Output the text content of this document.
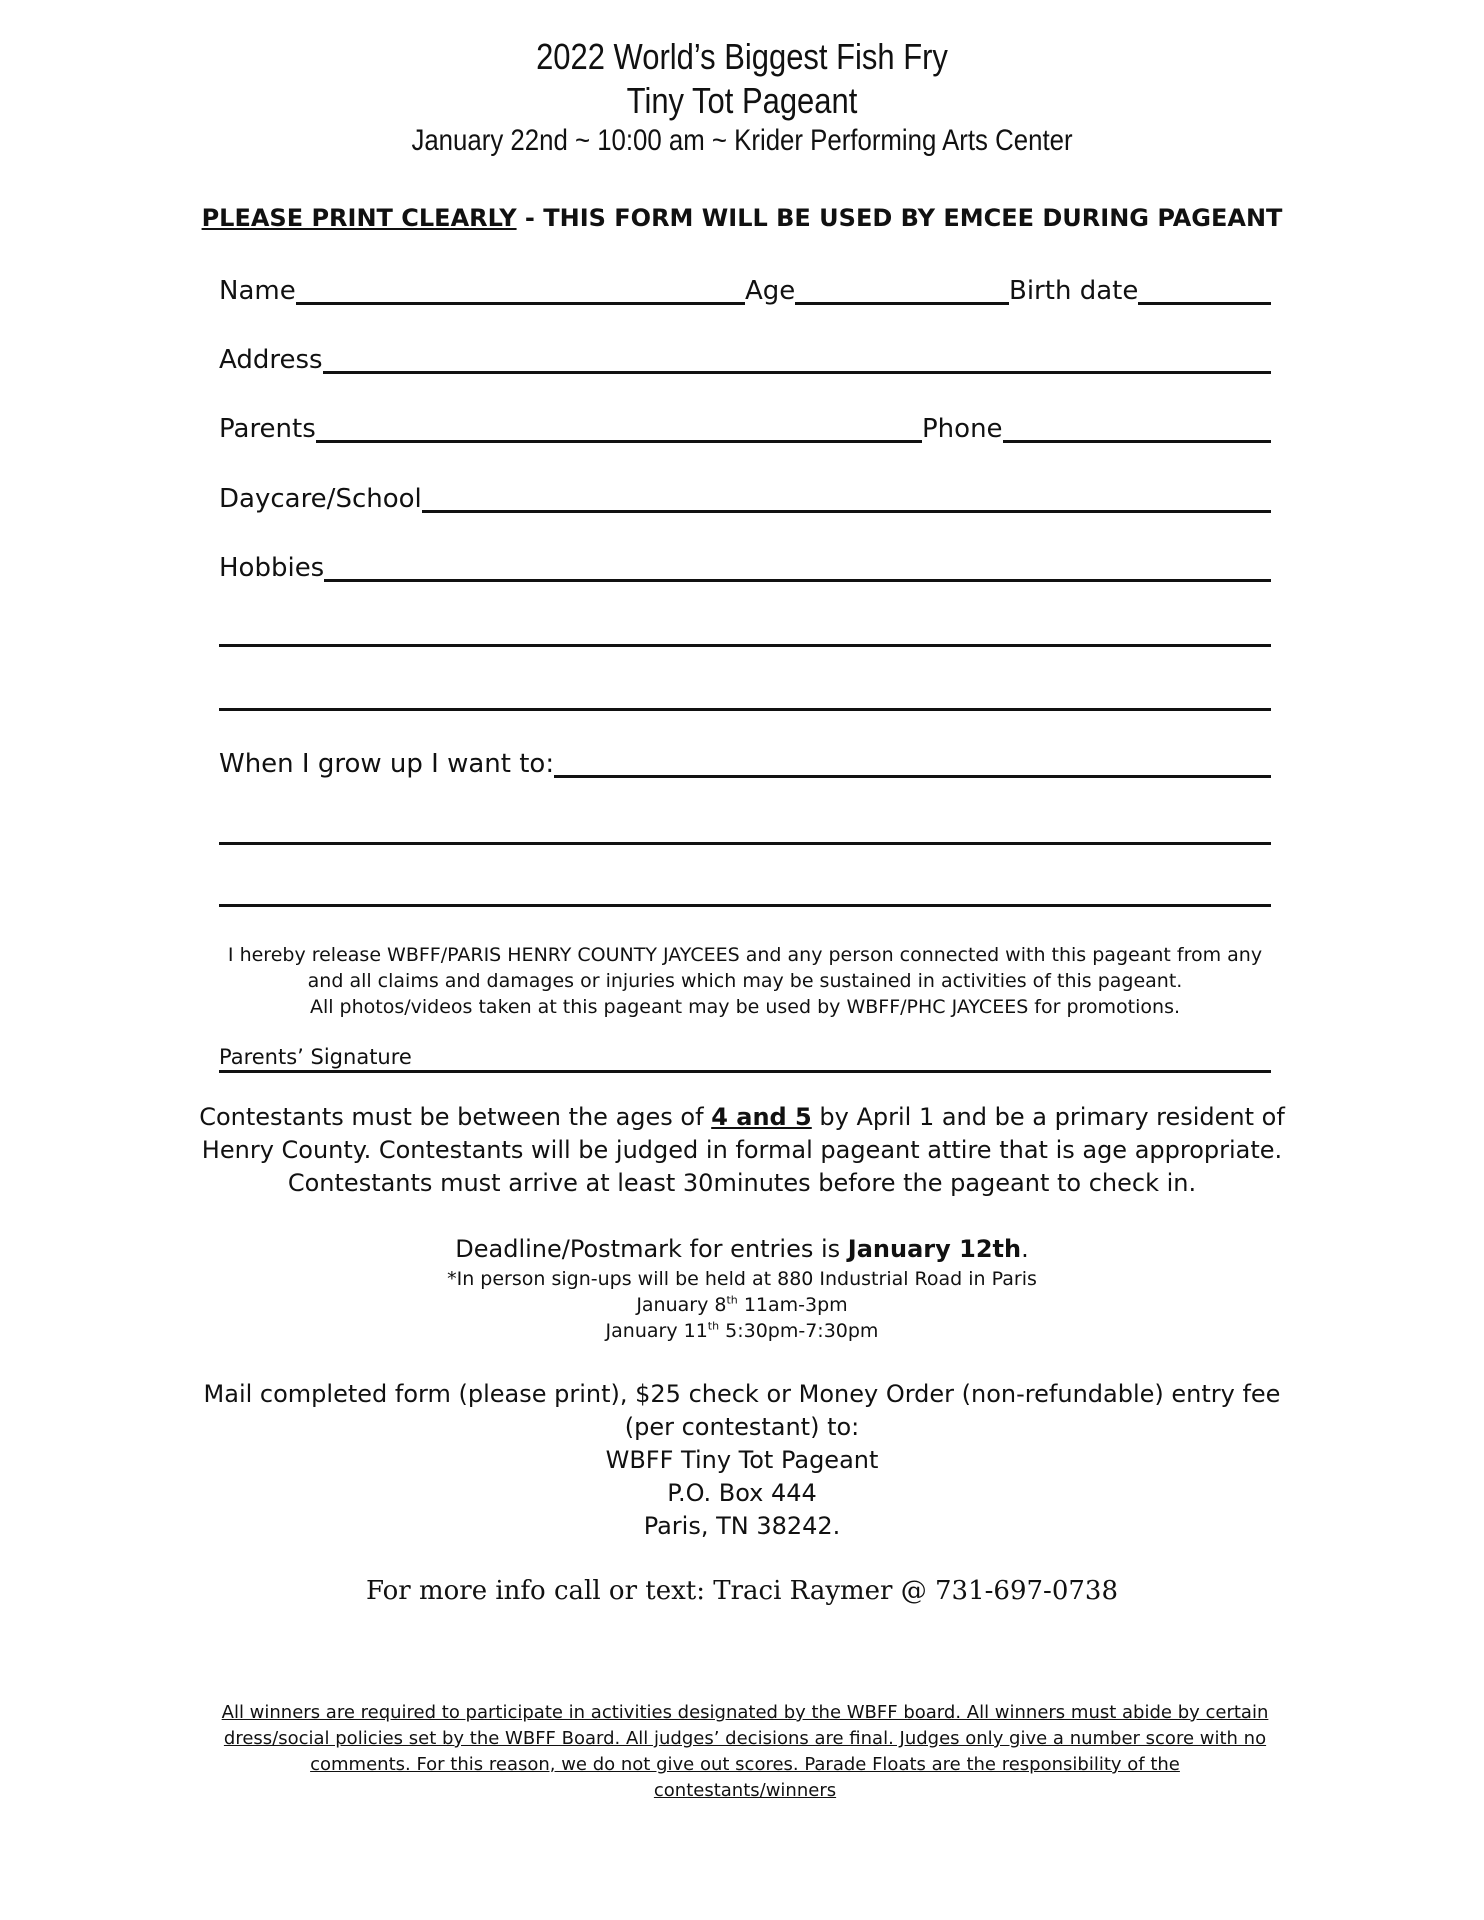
2022 World’s Biggest Fish Fry
Tiny Tot Pageant
January 22nd ~ 10:00 am ~ Krider Performing Arts Center
PLEASE PRINT CLEARLY - THIS FORM WILL BE USED BY EMCEE DURING PAGEANT
Name	Age	Birth date
Address
Parents	Phone
Daycare/School
Hobbies
When I grow up I want to:
I hereby release WBFF/PARIS HENRY COUNTY JAYCEES and any person connected with this pageant from any
and all claims and damages or injuries which may be sustained in activities of this pageant.
All photos/videos taken at this pageant may be used by WBFF/PHC JAYCEES for promotions.
Parents’ Signature
Contestants must be between the ages of 4 and 5 by April 1 and be a primary resident of Henry County. Contestants will be judged in formal pageant attire that is age appropriate. Contestants must arrive at least 30minutes before the pageant to check in.
Deadline/Postmark for entries is January 12th.
*In person sign-ups will be held at 880 Industrial Road in Paris
January 8th 11am-3pm
January 11th 5:30pm-7:30pm
Mail completed form (please print), $25 check or Money Order (non-refundable) entry fee
(per contestant) to:
WBFF Tiny Tot Pageant
P.O. Box 444
Paris, TN 38242.
For more info call or text: Traci Raymer @ 731-697-0738
All winners are required to participate in activities designated by the WBFF board. All winners must abide by certain dress/social policies set by the WBFF Board. All judges’ decisions are final. Judges only give a number score with no comments. For this reason, we do not give out scores. Parade Floats are the responsibility of the contestants/winners
